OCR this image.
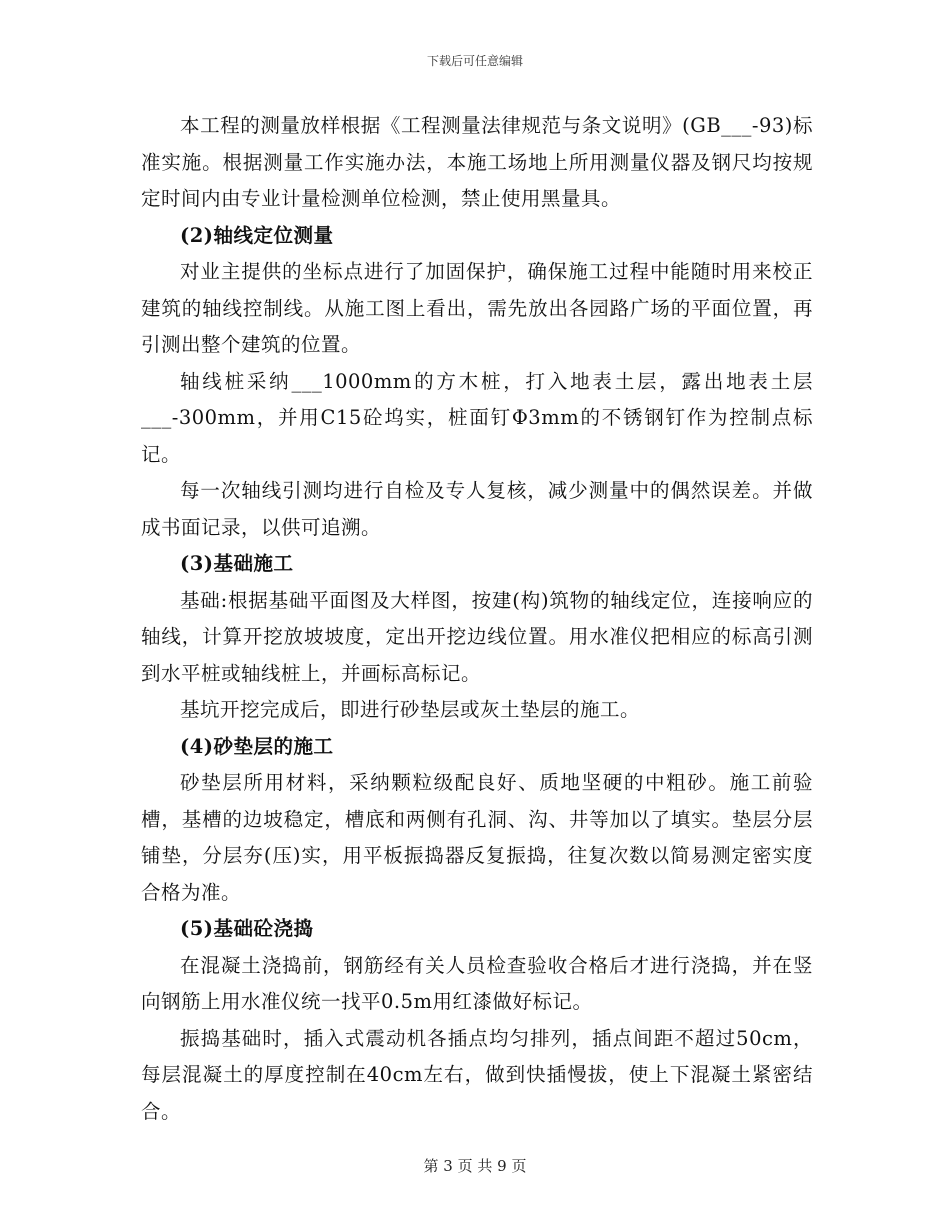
下载后可任意编辑

本工程的测量放样根据《工程测量法律规范与条文说明》(GB___-93)标准实施。根据测量工作实施办法，本施工场地上所用测量仪器及钢尺均按规定时间内由专业计量检测单位检测，禁止使用黑量具。

(2)轴线定位测量

对业主提供的坐标点进行了加固保护，确保施工过程中能随时用来校正建筑的轴线控制线。从施工图上看出，需先放出各园路广场的平面位置，再引测出整个建筑的位置。

轴线桩采纳___1000mm的方木桩，打入地表土层，露出地表土层___-300mm，并用C15砼坞实，桩面钉Φ3mm的不锈钢钉作为控制点标记。

每一次轴线引测均进行自检及专人复核，减少测量中的偶然误差。并做成书面记录，以供可追溯。

(3)基础施工

基础:根据基础平面图及大样图，按建(构)筑物的轴线定位，连接响应的轴线，计算开挖放坡坡度，定出开挖边线位置。用水准仪把相应的标高引测到水平桩或轴线桩上，并画标高标记。

基坑开挖完成后，即进行砂垫层或灰土垫层的施工。

(4)砂垫层的施工

砂垫层所用材料，采纳颗粒级配良好、质地坚硬的中粗砂。施工前验槽，基槽的边坡稳定，槽底和两侧有孔洞、沟、井等加以了填实。垫层分层铺垫，分层夯(压)实，用平板振捣器反复振捣，往复次数以简易测定密实度合格为准。

(5)基础砼浇捣

在混凝土浇捣前，钢筋经有关人员检查验收合格后才进行浇捣，并在竖向钢筋上用水准仪统一找平0.5m用红漆做好标记。

振捣基础时，插入式震动机各插点均匀排列，插点间距不超过50cm，每层混凝土的厚度控制在40cm左右，做到快插慢拔，使上下混凝土紧密结合。

第 3 页 共 9 页
